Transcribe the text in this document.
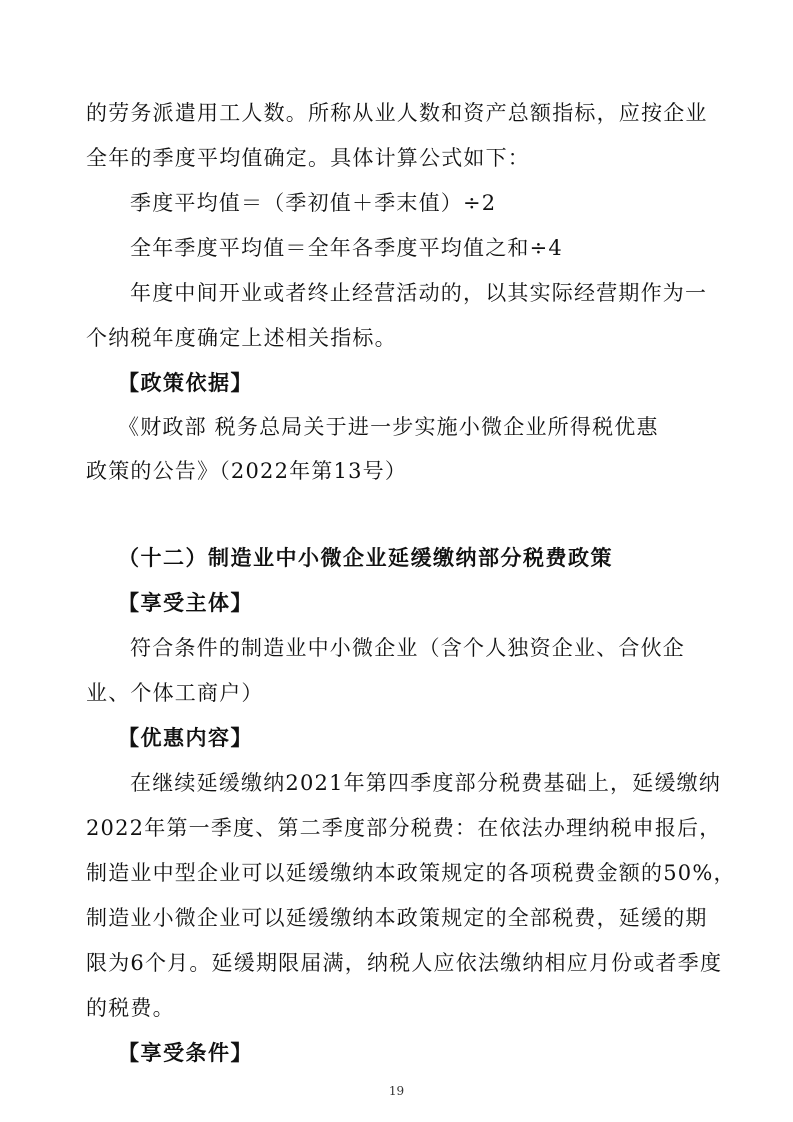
的劳务派遣用工人数。所称从业人数和资产总额指标，应按企业
全年的季度平均值确定。具体计算公式如下：
季度平均值＝（季初值＋季末值）÷2
全年季度平均值＝全年各季度平均值之和÷4
年度中间开业或者终止经营活动的，以其实际经营期作为一
个纳税年度确定上述相关指标。
【政策依据】
《财政部 税务总局关于进一步实施小微企业所得税优惠
政策的公告》（2022年第13号）
（十二）制造业中小微企业延缓缴纳部分税费政策
【享受主体】
符合条件的制造业中小微企业（含个人独资企业、合伙企
业、个体工商户）
【优惠内容】
在继续延缓缴纳2021年第四季度部分税费基础上，延缓缴纳
2022年第一季度、第二季度部分税费：在依法办理纳税申报后，
制造业中型企业可以延缓缴纳本政策规定的各项税费金额的50%，
制造业小微企业可以延缓缴纳本政策规定的全部税费，延缓的期
限为6个月。延缓期限届满，纳税人应依法缴纳相应月份或者季度
的税费。
【享受条件】
19
